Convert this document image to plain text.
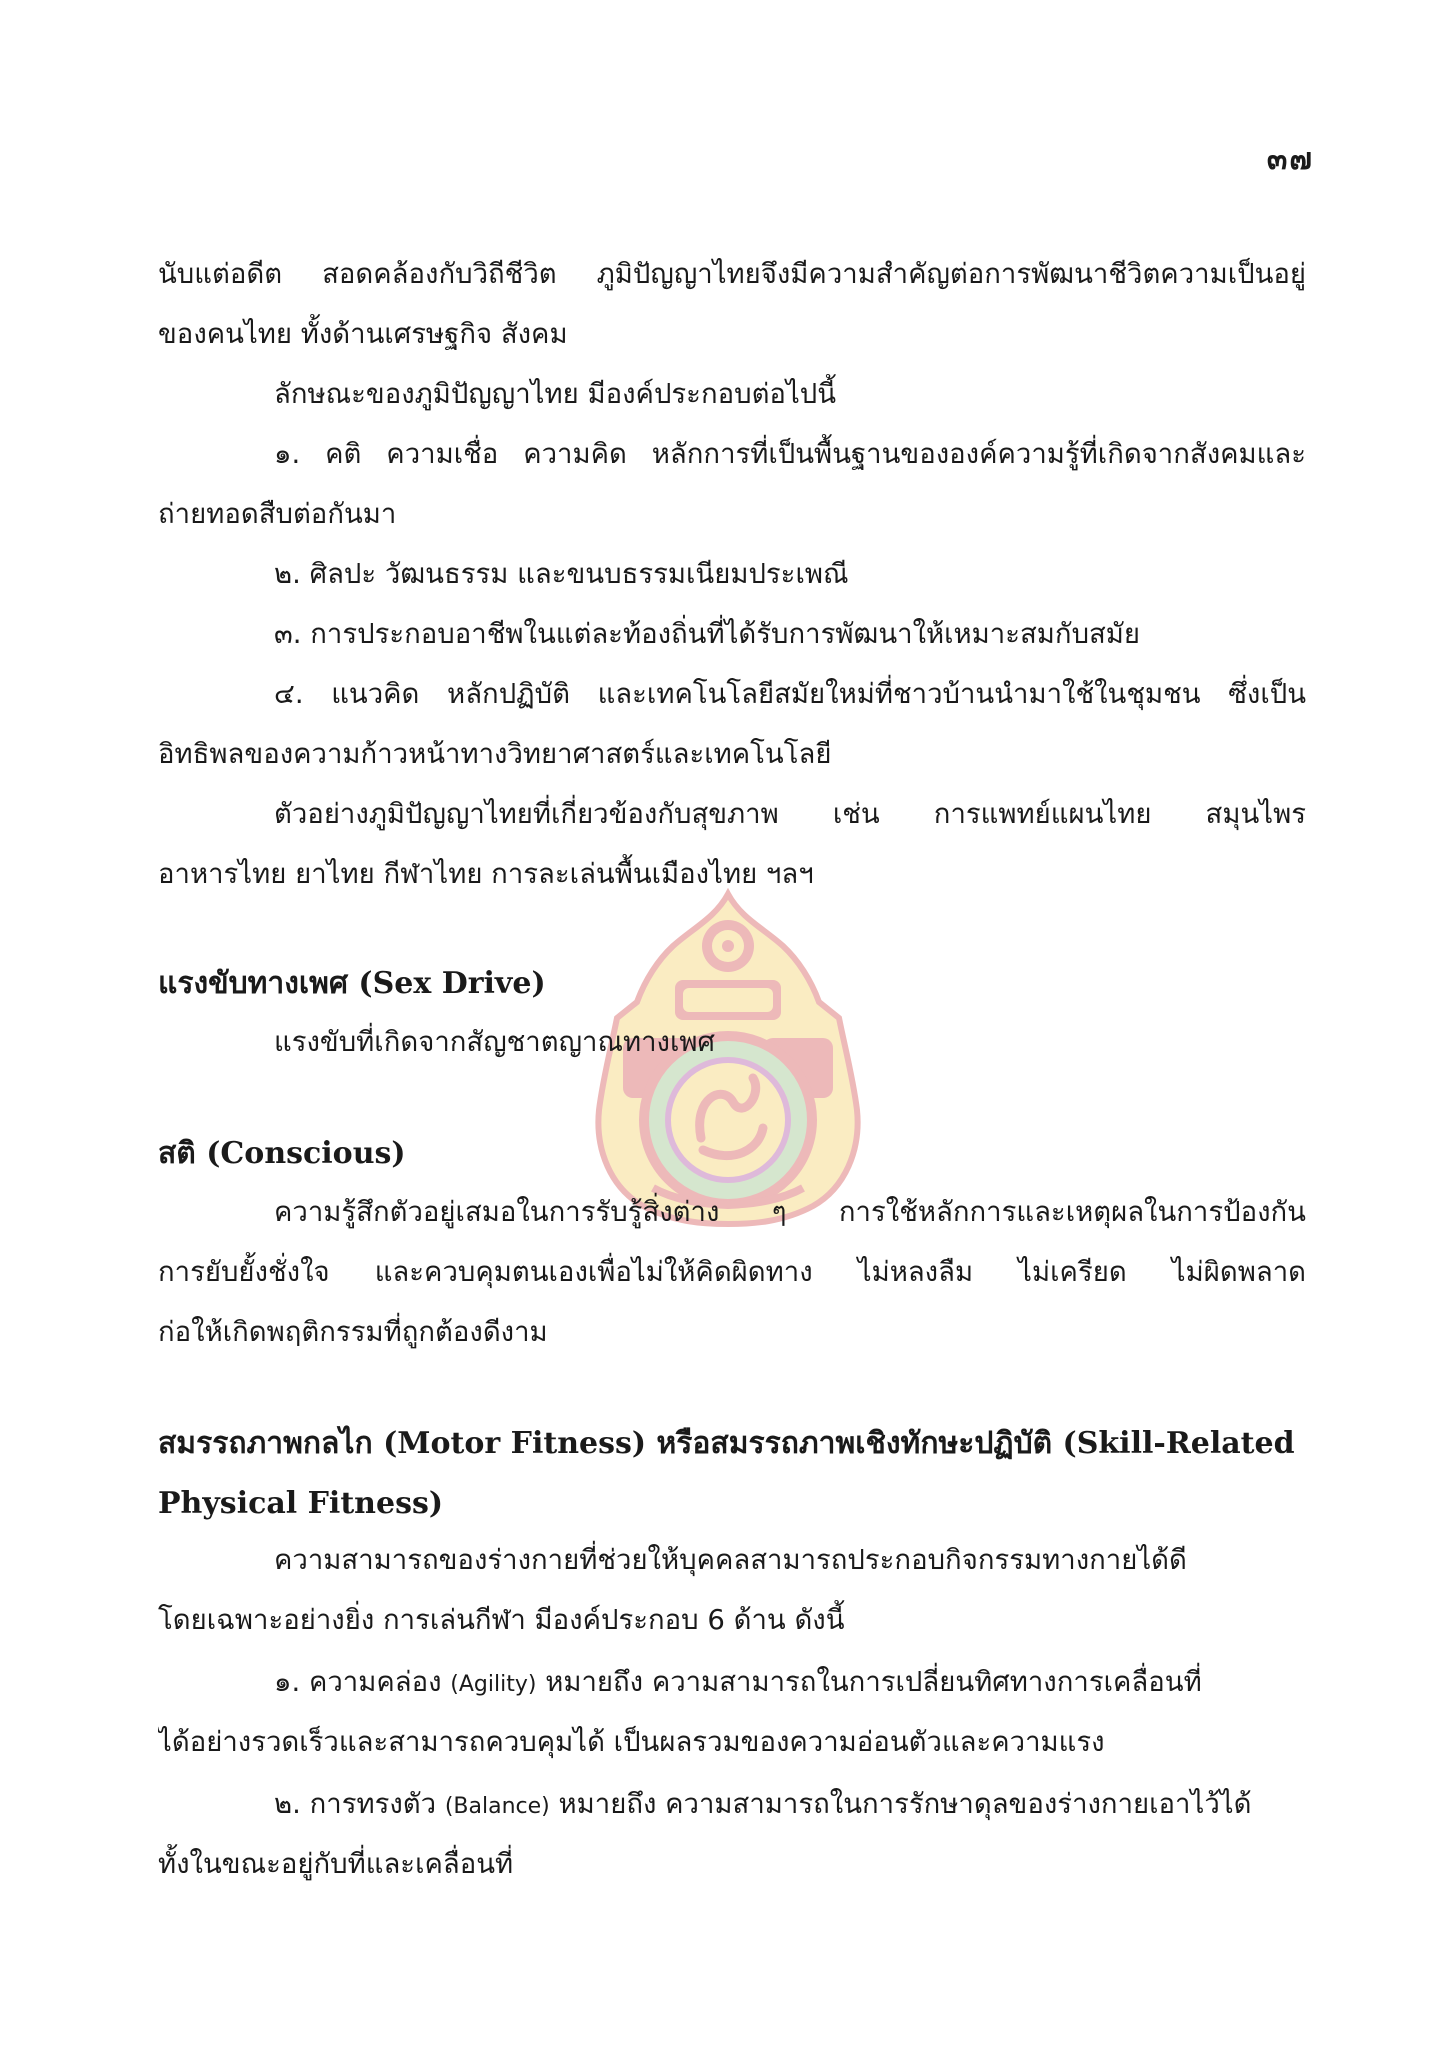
๓๗
นับแต่อดีต สอดคล้องกับวิถีชีวิต ภูมิปัญญาไทยจึงมีความสำคัญต่อการพัฒนาชีวิตความเป็นอยู่
ของคนไทย ทั้งด้านเศรษฐกิจ สังคม
ลักษณะของภูมิปัญญาไทย มีองค์ประกอบต่อไปนี้
๑. คติ ความเชื่อ ความคิด หลักการที่เป็นพื้นฐานขององค์ความรู้ที่เกิดจากสังคมและ
ถ่ายทอดสืบต่อกันมา
๒. ศิลปะ วัฒนธรรม และขนบธรรมเนียมประเพณี
๓. การประกอบอาชีพในแต่ละท้องถิ่นที่ได้รับการพัฒนาให้เหมาะสมกับสมัย
๔. แนวคิด หลักปฏิบัติ และเทคโนโลยีสมัยใหม่ที่ชาวบ้านนำมาใช้ในชุมชน ซึ่งเป็น
อิทธิพลของความก้าวหน้าทางวิทยาศาสตร์และเทคโนโลยี
ตัวอย่างภูมิปัญญาไทยที่เกี่ยวข้องกับสุขภาพ เช่น การแพทย์แผนไทย สมุนไพร
อาหารไทย ยาไทย กีฬาไทย การละเล่นพื้นเมืองไทย ฯลฯ
แรงขับทางเพศ (Sex Drive)
แรงขับที่เกิดจากสัญชาตญาณทางเพศ
สติ (Conscious)
ความรู้สึกตัวอยู่เสมอในการรับรู้สิ่งต่าง ๆ การใช้หลักการและเหตุผลในการป้องกัน
การยับยั้งชั่งใจ และควบคุมตนเองเพื่อไม่ให้คิดผิดทาง ไม่หลงลืม ไม่เครียด ไม่ผิดพลาด
ก่อให้เกิดพฤติกรรมที่ถูกต้องดีงาม
สมรรถภาพกลไก (Motor Fitness) หรือสมรรถภาพเชิงทักษะปฏิบัติ (Skill-Related
Physical Fitness)
ความสามารถของร่างกายที่ช่วยให้บุคคลสามารถประกอบกิจกรรมทางกายได้ดี
โดยเฉพาะอย่างยิ่ง การเล่นกีฬา มีองค์ประกอบ 6 ด้าน ดังนี้
๑. ความคล่อง (Agility) หมายถึง ความสามารถในการเปลี่ยนทิศทางการเคลื่อนที่
ได้อย่างรวดเร็วและสามารถควบคุมได้ เป็นผลรวมของความอ่อนตัวและความแรง
๒. การทรงตัว (Balance) หมายถึง ความสามารถในการรักษาดุลของร่างกายเอาไว้ได้
ทั้งในขณะอยู่กับที่และเคลื่อนที่
